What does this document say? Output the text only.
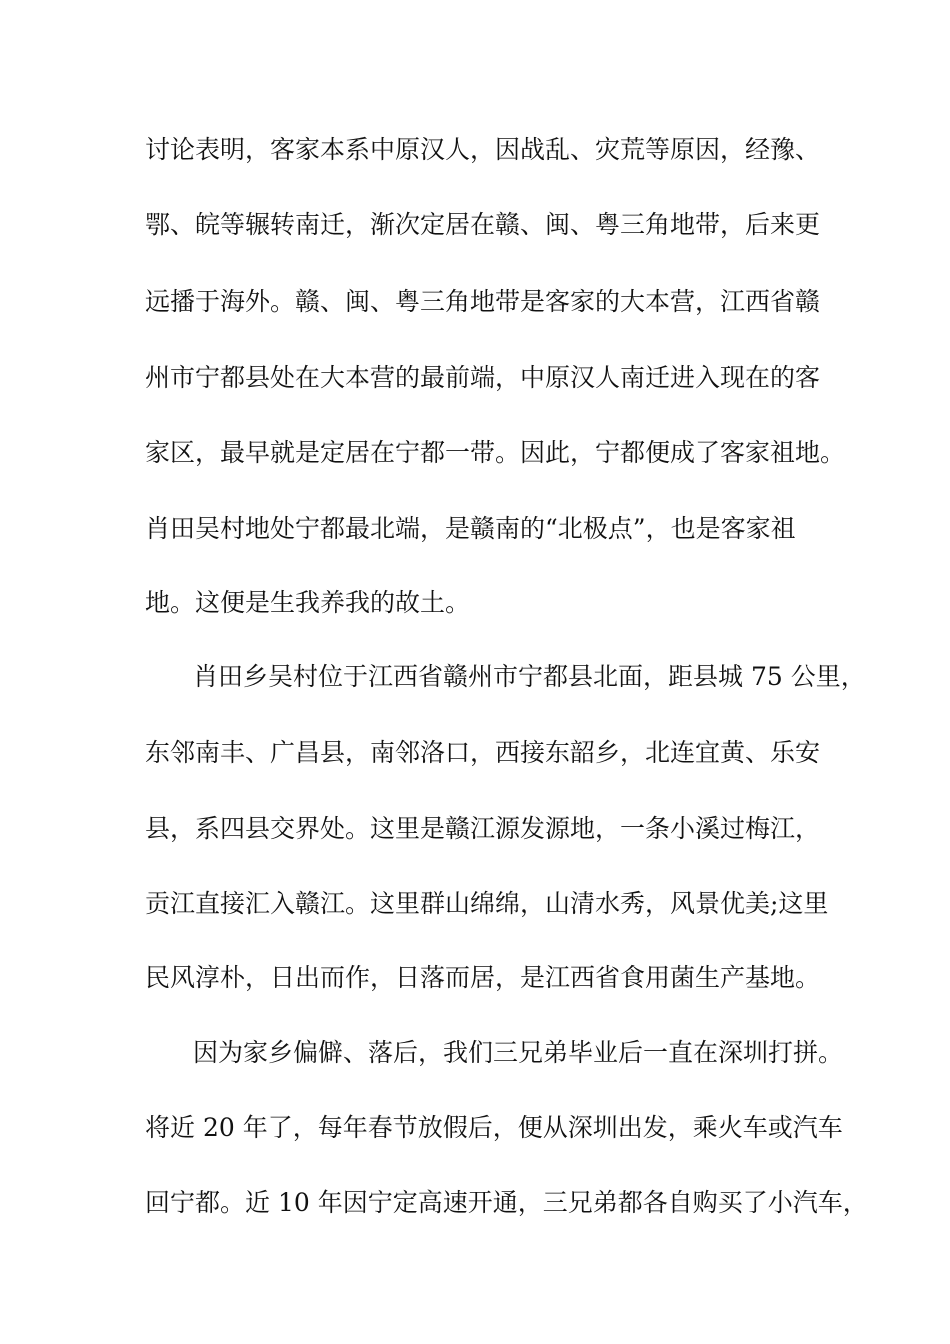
讨论表明，客家本系中原汉人，因战乱、灾荒等原因，经豫、
鄂、皖等辗转南迁，渐次定居在赣、闽、粤三角地带，后来更
远播于海外。赣、闽、粤三角地带是客家的大本营，江西省赣
州市宁都县处在大本营的最前端，中原汉人南迁进入现在的客
家区，最早就是定居在宁都一带。因此，宁都便成了客家祖地。
肖田吴村地处宁都最北端，是赣南的“北极点”，也是客家祖
地。这便是生我养我的故土。
肖田乡吴村位于江西省赣州市宁都县北面，距县城 75 公里，
东邻南丰、广昌县，南邻洛口，西接东韶乡，北连宜黄、乐安
县，系四县交界处。这里是赣江源发源地，一条小溪过梅江，
贡江直接汇入赣江。这里群山绵绵，山清水秀，风景优美;这里
民风淳朴，日出而作，日落而居，是江西省食用菌生产基地。
因为家乡偏僻、落后，我们三兄弟毕业后一直在深圳打拼。
将近 20 年了，每年春节放假后，便从深圳出发，乘火车或汽车
回宁都。近 10 年因宁定高速开通，三兄弟都各自购买了小汽车，
